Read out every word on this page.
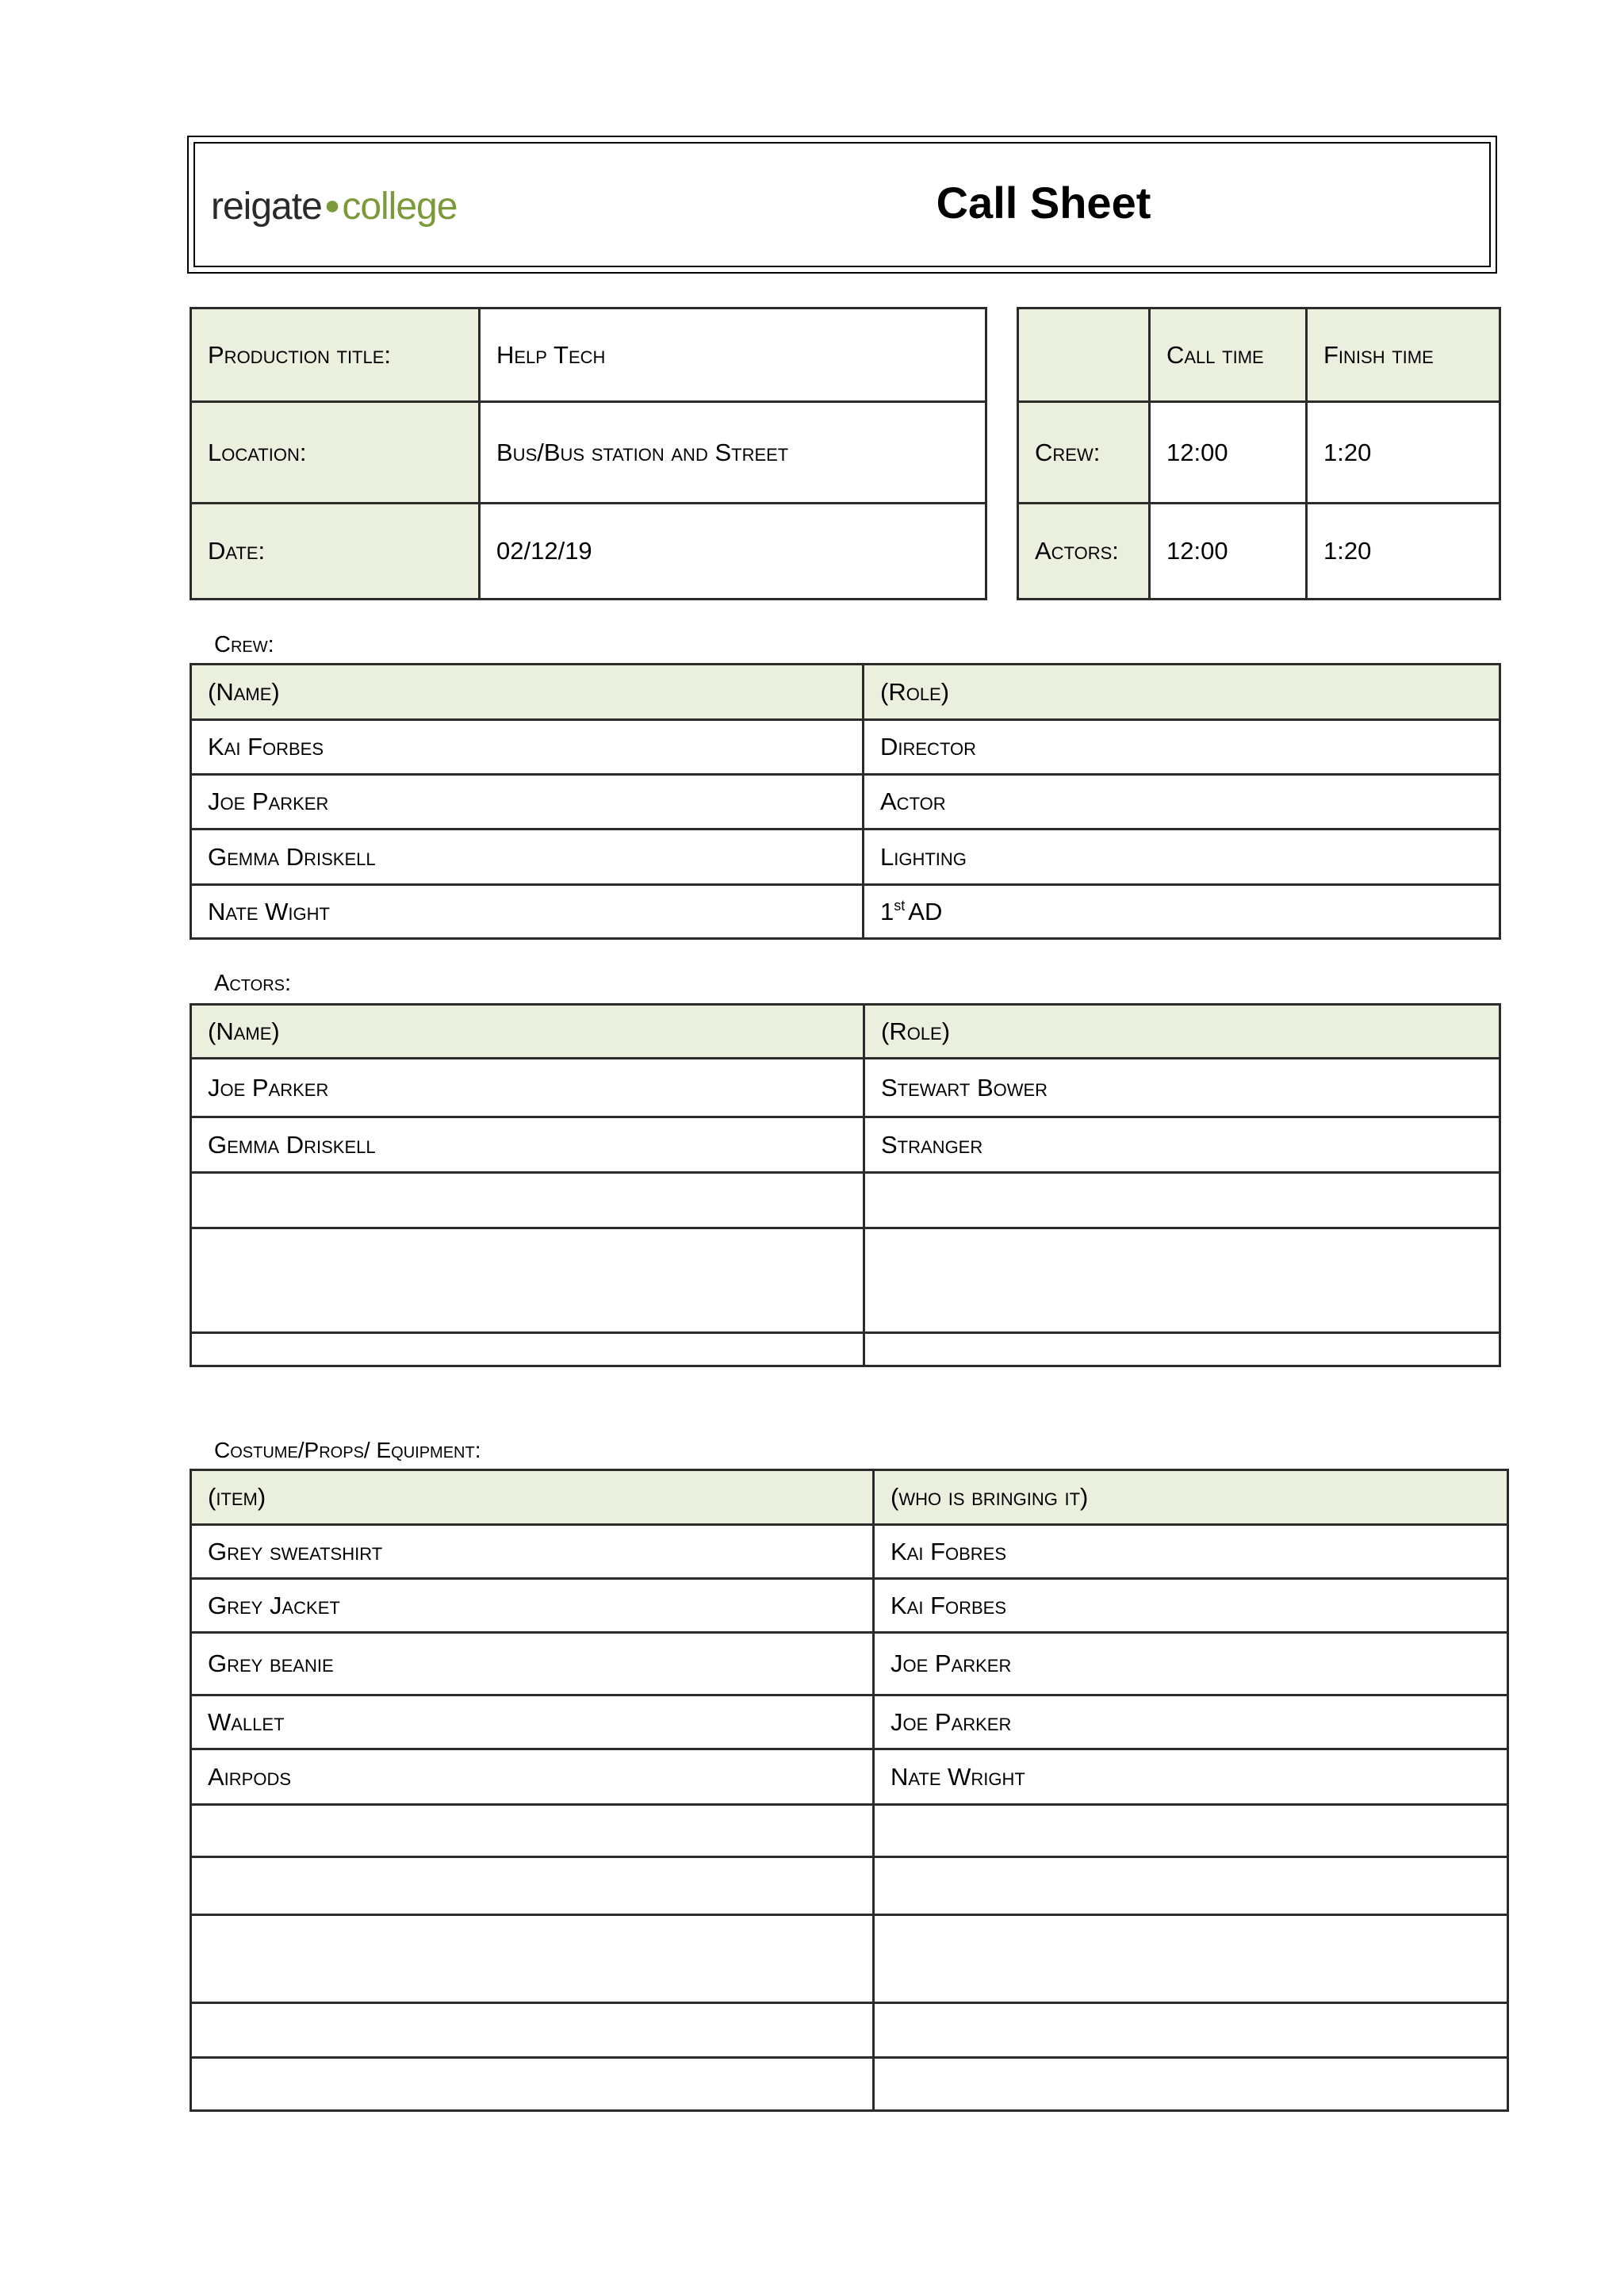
reigate●college	Call Sheet
Production title:	Help Tech
Location:	Bus/Bus station and Street
Date:	02/12/19
	Call time	Finish time
Crew:	12:00	1:20
Actors:	12:00	1:20
Crew:
(Name)	(Role)
Kai Forbes	Director
Joe Parker	Actor
Gemma Driskell	Lighting
Nate Wight	1st AD
Actors:
(Name)	(Role)
Joe Parker	Stewart Bower
Gemma Driskell	Stranger

Costume/Props/ Equipment:
(item)	(who is bringing it)
Grey sweatshirt	Kai Fobres
Grey Jacket	Kai Forbes
Grey beanie	Joe Parker
Wallet	Joe Parker
Airpods	Nate Wright
